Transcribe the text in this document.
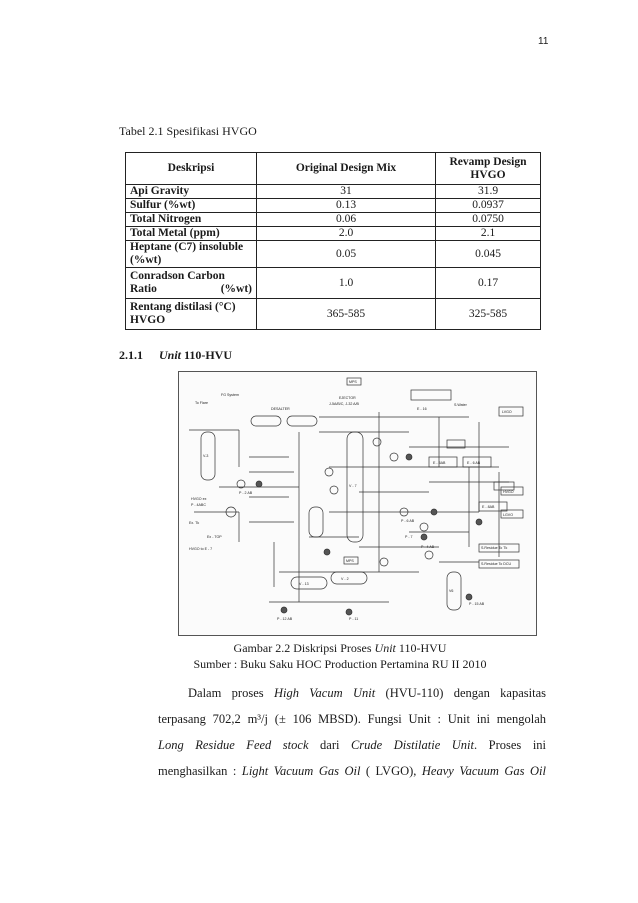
11
Tabel 2.1 Spesifikasi HVGO
Deskripsi	Original Design Mix	Revamp Design HVGO
Api Gravity	31	31.9
Sulfur (%wt)	0.13	0.0937
Total Nitrogen	0.06	0.0750
Total Metal (ppm)	2.0	2.1
Heptane (C7) insoluble (%wt)	0.05	0.045
Conradson Carbon Ratio (%wt)	1.0	0.17
Rentang distilasi (°C) HVGO	365-585	325-585
2.1.1 Unit 110-HVU
To Flare
FG System
DESALTER
MPS
EJECTOR
J-5A/B/C, J-32 A/B
E - 16
S.Water
LVGO
HVGO
LGVO
V-3
V - 7
V6
V - 13
V - 2
E - 5AB	E - 6 AB
E - 8AB
P - 15 AB
P - 4 AB
P - 6 AB
P - 7
S.Residue To Tk
S.Residue To DCU
HVGO ex
P - 4ABC
Ex. Tk
Ex - TOP
HVGO to E - 7
P - 2 AB
P - 11
P - 12 AB
MPS
Gambar 2.2 Diskripsi Proses Unit 110-HVU
Sumber : Buku Saku HOC Production Pertamina RU II 2010
Dalam proses High Vacum Unit (HVU-110) dengan kapasitas
terpasang 702,2 m³/j (± 106 MBSD). Fungsi Unit : Unit ini mengolah
Long Residue Feed stock dari Crude Distilatie Unit. Proses ini
menghasilkan : Light Vacuum Gas Oil ( LVGO), Heavy Vacuum Gas Oil
